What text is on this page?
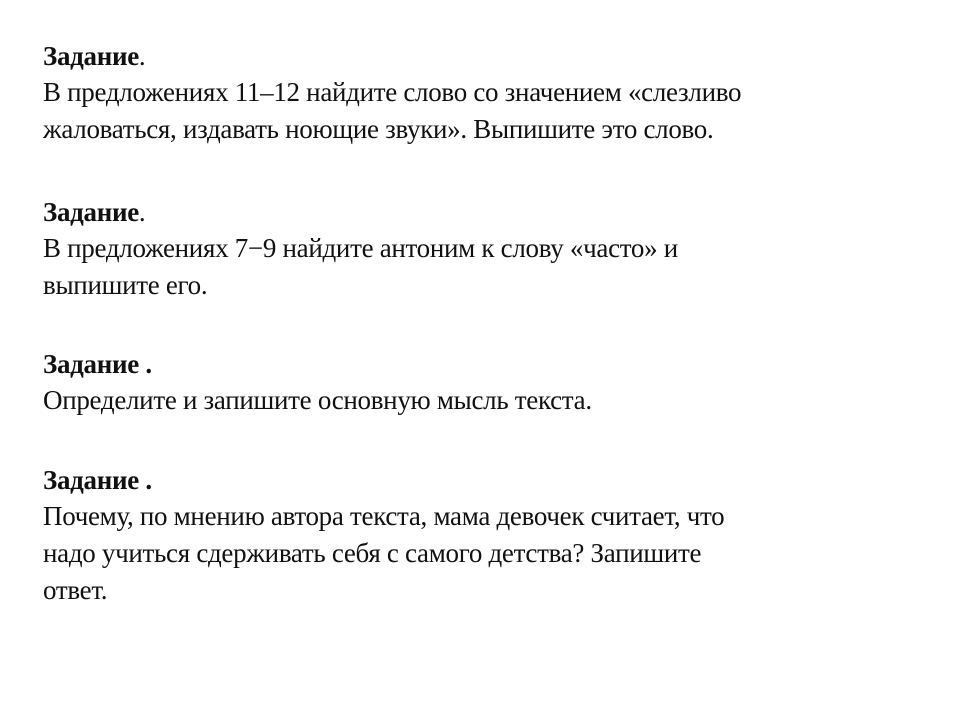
Задание.
В предложениях 11–12 найдите слово со значением «слезливо
жаловаться, издавать ноющие звуки». Выпишите это слово.
Задание.
В предложениях 7−9 найдите антоним к слову «часто» и
выпишите его.
Задание .
Определите и запишите основную мысль текста.
Задание .
Почему, по мнению автора текста, мама девочек считает, что
надо учиться сдерживать себя с самого детства? Запишите
ответ.
